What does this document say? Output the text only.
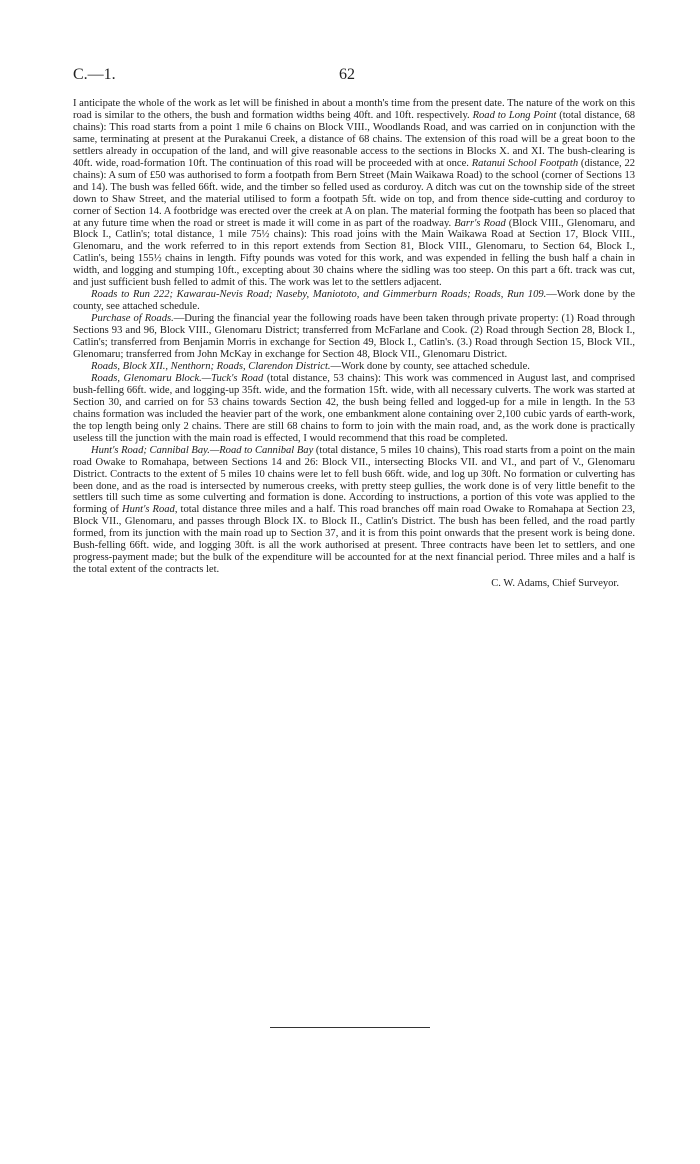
C.—1.	62

I anticipate the whole of the work as let will be finished in about a month's time from the present date. The nature of the work on this road is similar to the others, the bush and formation widths being 40ft. and 10ft. respectively. Road to Long Point (total distance, 68 chains): This road starts from a point 1 mile 6 chains on Block VIII., Woodlands Road, and was carried on in conjunction with the same, terminating at present at the Purakanui Creek, a distance of 68 chains. The extension of this road will be a great boon to the settlers already in occupation of the land, and will give reasonable access to the sections in Blocks X. and XI. The bush-clearing is 40ft. wide, road-formation 10ft. The continuation of this road will be proceeded with at once. Ratanui School Footpath (distance, 22 chains): A sum of £50 was authorised to form a footpath from Bern Street (Main Waikawa Road) to the school (corner of Sections 13 and 14). The bush was felled 66ft. wide, and the timber so felled used as corduroy. A ditch was cut on the township side of the street down to Shaw Street, and the material utilised to form a footpath 5ft. wide on top, and from thence side-cutting and corduroy to corner of Section 14. A footbridge was erected over the creek at A on plan. The material forming the footpath has been so placed that at any future time when the road or street is made it will come in as part of the roadway. Barr's Road (Block VIII., Glenomaru, and Block I., Catlin's; total distance, 1 mile 75½ chains): This road joins with the Main Waikawa Road at Section 17, Block VIII., Glenomaru, and the work referred to in this report extends from Section 81, Block VIII., Glenomaru, to Section 64, Block I., Catlin's, being 155½ chains in length. Fifty pounds was voted for this work, and was expended in felling the bush half a chain in width, and logging and stumping 10ft., excepting about 30 chains where the sidling was too steep. On this part a 6ft. track was cut, and just sufficient bush felled to admit of this. The work was let to the settlers adjacent.

Roads to Run 222; Kawarau-Nevis Road; Naseby, Maniototo, and Gimmerburn Roads; Roads, Run 109.—Work done by the county, see attached schedule.

Purchase of Roads.—During the financial year the following roads have been taken through private property: (1) Road through Sections 93 and 96, Block VIII., Glenomaru District; transferred from McFarlane and Cook. (2) Road through Section 28, Block I., Catlin's; transferred from Benjamin Morris in exchange for Section 49, Block I., Catlin's. (3.) Road through Section 15, Block VII., Glenomaru; transferred from John McKay in exchange for Section 48, Block VII., Glenomaru District.

Roads, Block XII., Nenthorn; Roads, Clarendon District.—Work done by county, see attached schedule.

Roads, Glenomaru Block.—Tuck's Road (total distance, 53 chains): This work was commenced in August last, and comprised bush-felling 66ft. wide, and logging-up 35ft. wide, and the formation 15ft. wide, with all necessary culverts. The work was started at Section 30, and carried on for 53 chains towards Section 42, the bush being felled and logged-up for a mile in length. In the 53 chains formation was included the heavier part of the work, one embankment alone containing over 2,100 cubic yards of earth-work, the top length being only 2 chains. There are still 68 chains to form to join with the main road, and, as the work done is practically useless till the junction with the main road is effected, I would recommend that this road be completed.

Hunt's Road; Cannibal Bay.—Road to Cannibal Bay (total distance, 5 miles 10 chains), This road starts from a point on the main road Owake to Romahapa, between Sections 14 and 26: Block VII., intersecting Blocks VII. and VI., and part of V., Glenomaru District. Contracts to the extent of 5 miles 10 chains were let to fell bush 66ft. wide, and log up 30ft. No formation or culverting has been done, and as the road is intersected by numerous creeks, with pretty steep gullies, the work done is of very little benefit to the settlers till such time as some culverting and formation is done. According to instructions, a portion of this vote was applied to the forming of Hunt's Road, total distance three miles and a half. This road branches off main road Owake to Romahapa at Section 23, Block VII., Glenomaru, and passes through Block IX. to Block II., Catlin's District. The bush has been felled, and the road partly formed, from its junction with the main road up to Section 37, and it is from this point onwards that the present work is being done. Bush-felling 66ft. wide, and logging 30ft. is all the work authorised at present. Three contracts have been let to settlers, and one progress-payment made; but the bulk of the expenditure will be accounted for at the next financial period. Three miles and a half is the total extent of the contracts let.

C. W. Adams, Chief Surveyor.
